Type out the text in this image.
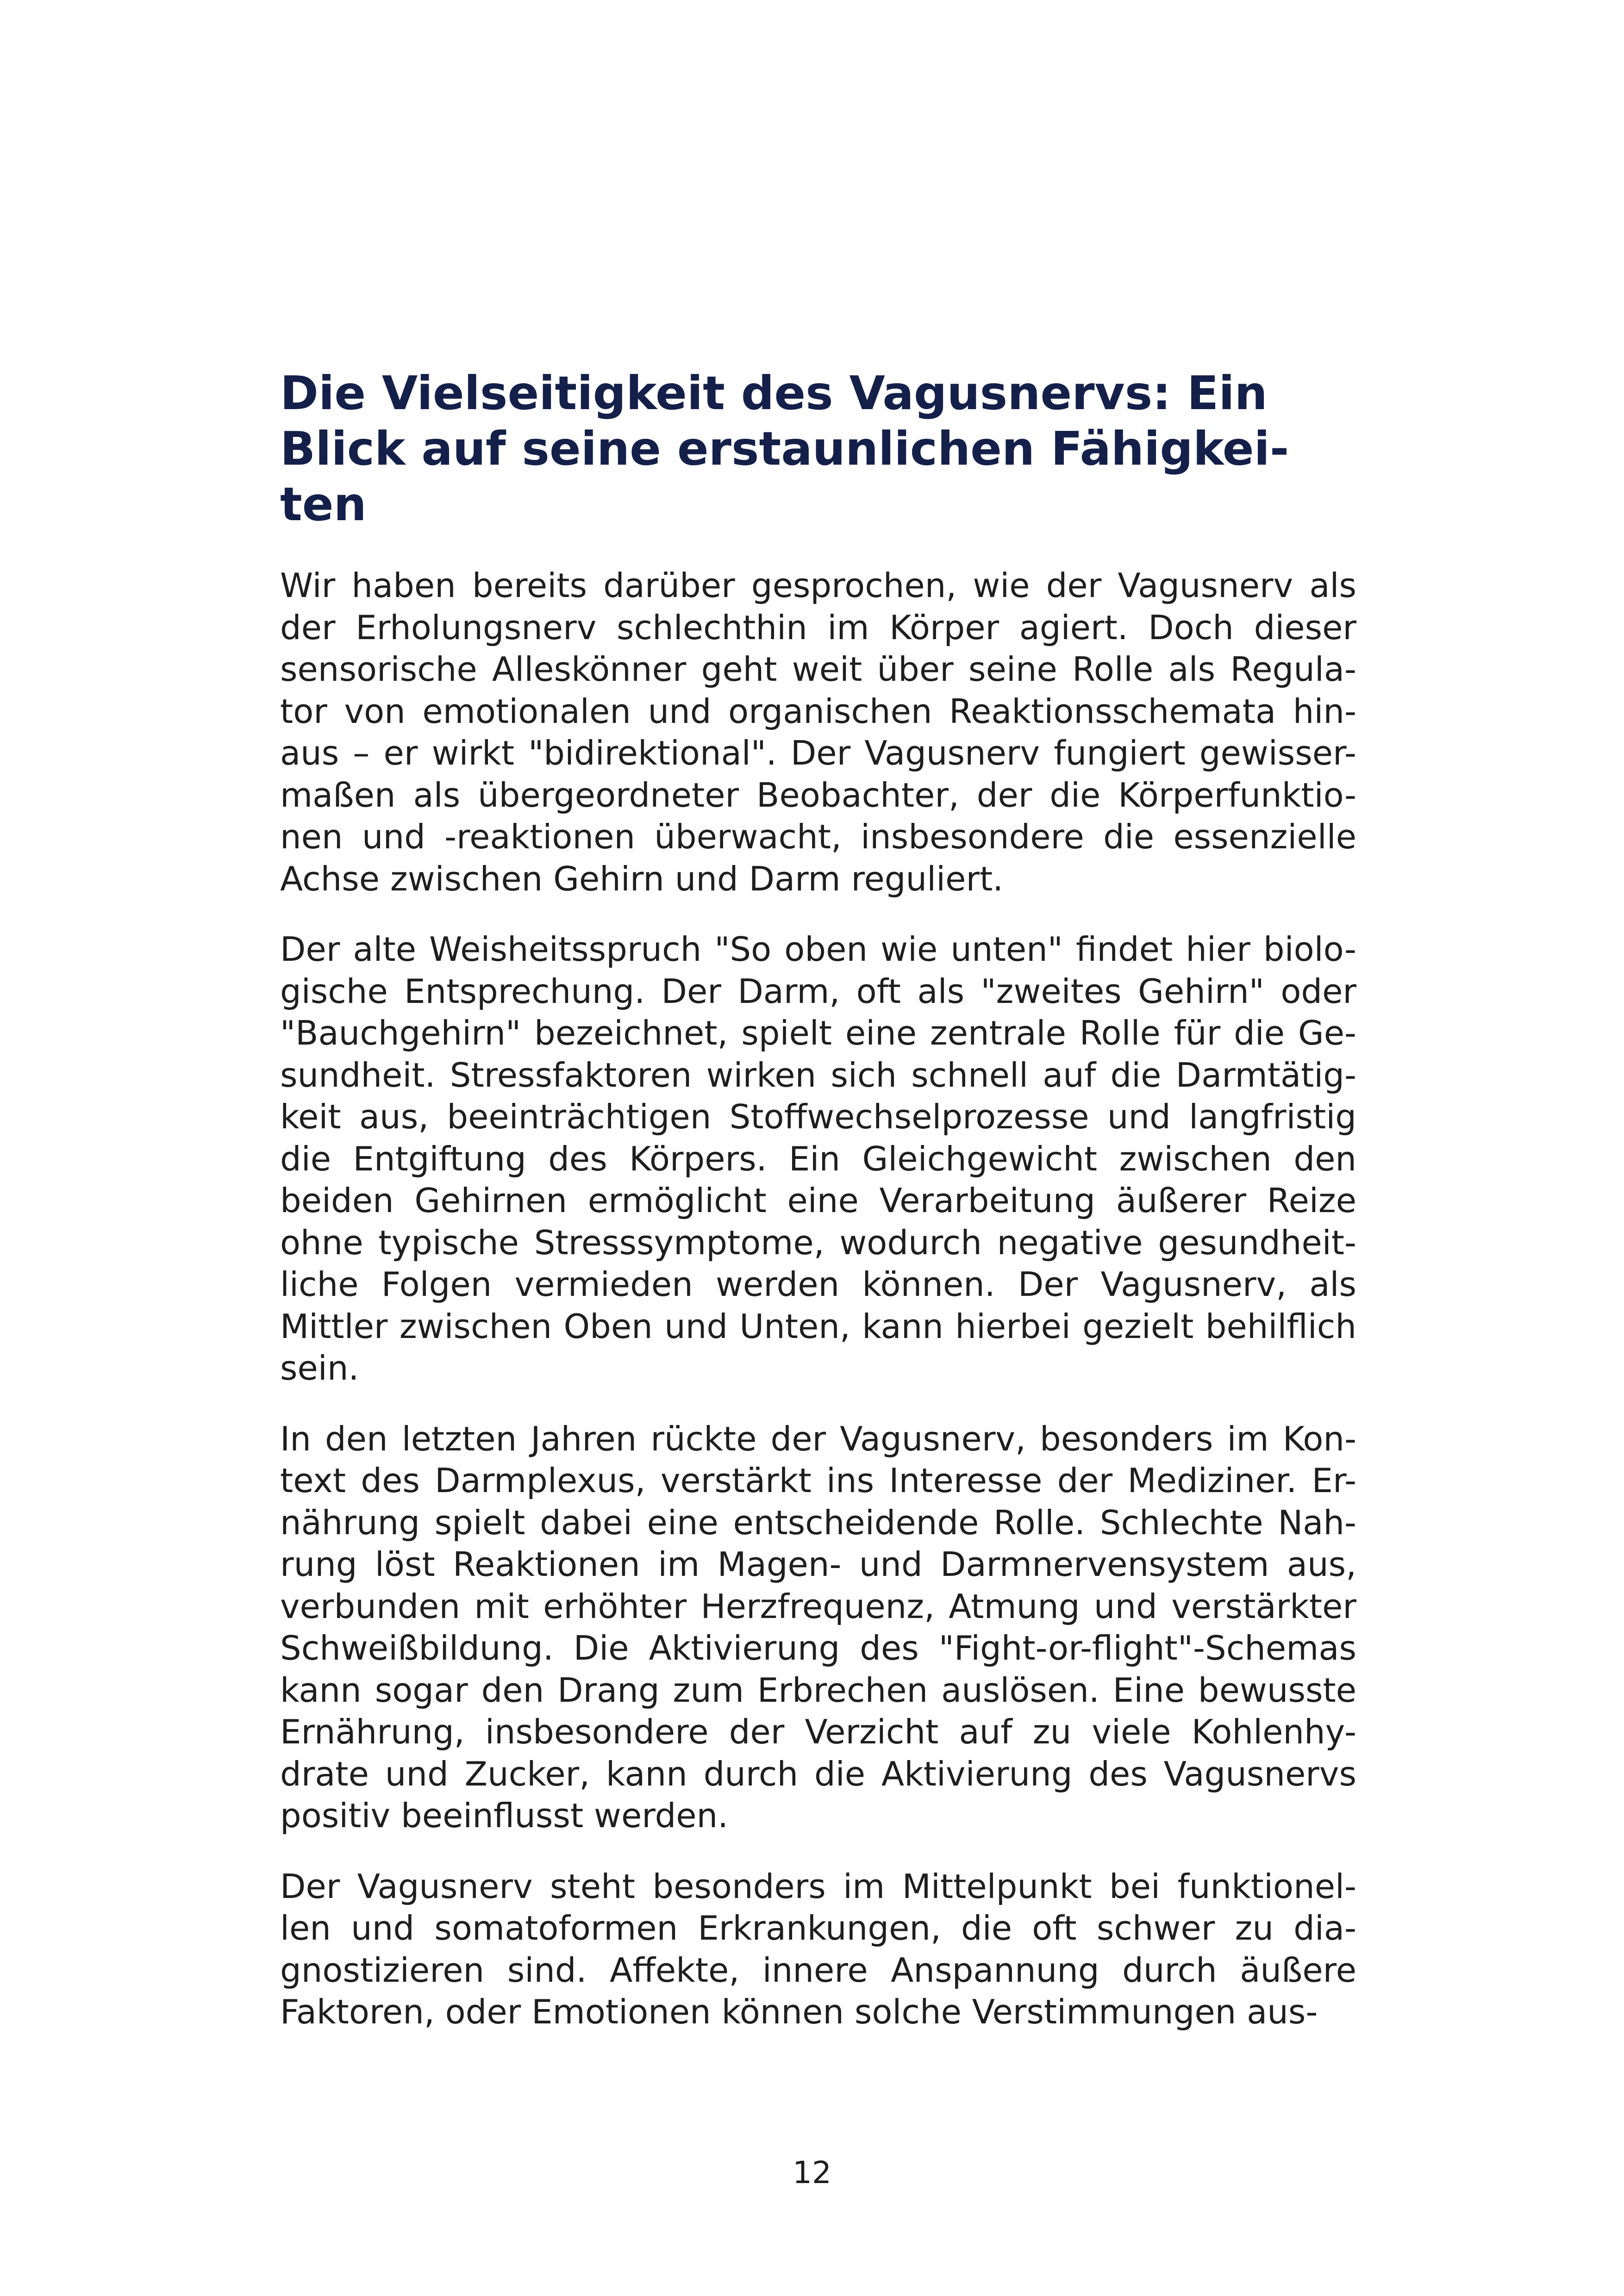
Die Vielseitigkeit des Vagusnervs: Ein
Blick auf seine erstaunlichen Fähigkei-
ten

Wir haben bereits darüber gesprochen, wie der Vagusnerv als
der Erholungsnerv schlechthin im Körper agiert. Doch dieser
sensorische Alleskönner geht weit über seine Rolle als Regula-
tor von emotionalen und organischen Reaktionsschemata hin-
aus – er wirkt "bidirektional". Der Vagusnerv fungiert gewisser-
maßen als übergeordneter Beobachter, der die Körperfunktio-
nen und -reaktionen überwacht, insbesondere die essenzielle
Achse zwischen Gehirn und Darm reguliert.

Der alte Weisheitsspruch "So oben wie unten" findet hier biolo-
gische Entsprechung. Der Darm, oft als "zweites Gehirn" oder
"Bauchgehirn" bezeichnet, spielt eine zentrale Rolle für die Ge-
sundheit. Stressfaktoren wirken sich schnell auf die Darmtätig-
keit aus, beeinträchtigen Stoffwechselprozesse und langfristig
die Entgiftung des Körpers. Ein Gleichgewicht zwischen den
beiden Gehirnen ermöglicht eine Verarbeitung äußerer Reize
ohne typische Stresssymptome, wodurch negative gesundheit-
liche Folgen vermieden werden können. Der Vagusnerv, als
Mittler zwischen Oben und Unten, kann hierbei gezielt behilflich
sein.

In den letzten Jahren rückte der Vagusnerv, besonders im Kon-
text des Darmplexus, verstärkt ins Interesse der Mediziner. Er-
nährung spielt dabei eine entscheidende Rolle. Schlechte Nah-
rung löst Reaktionen im Magen- und Darmnervensystem aus,
verbunden mit erhöhter Herzfrequenz, Atmung und verstärkter
Schweißbildung. Die Aktivierung des "Fight-or-flight"-Schemas
kann sogar den Drang zum Erbrechen auslösen. Eine bewusste
Ernährung, insbesondere der Verzicht auf zu viele Kohlenhy-
drate und Zucker, kann durch die Aktivierung des Vagusnervs
positiv beeinflusst werden.

Der Vagusnerv steht besonders im Mittelpunkt bei funktionel-
len und somatoformen Erkrankungen, die oft schwer zu dia-
gnostizieren sind. Affekte, innere Anspannung durch äußere
Faktoren, oder Emotionen können solche Verstimmungen aus-

12
